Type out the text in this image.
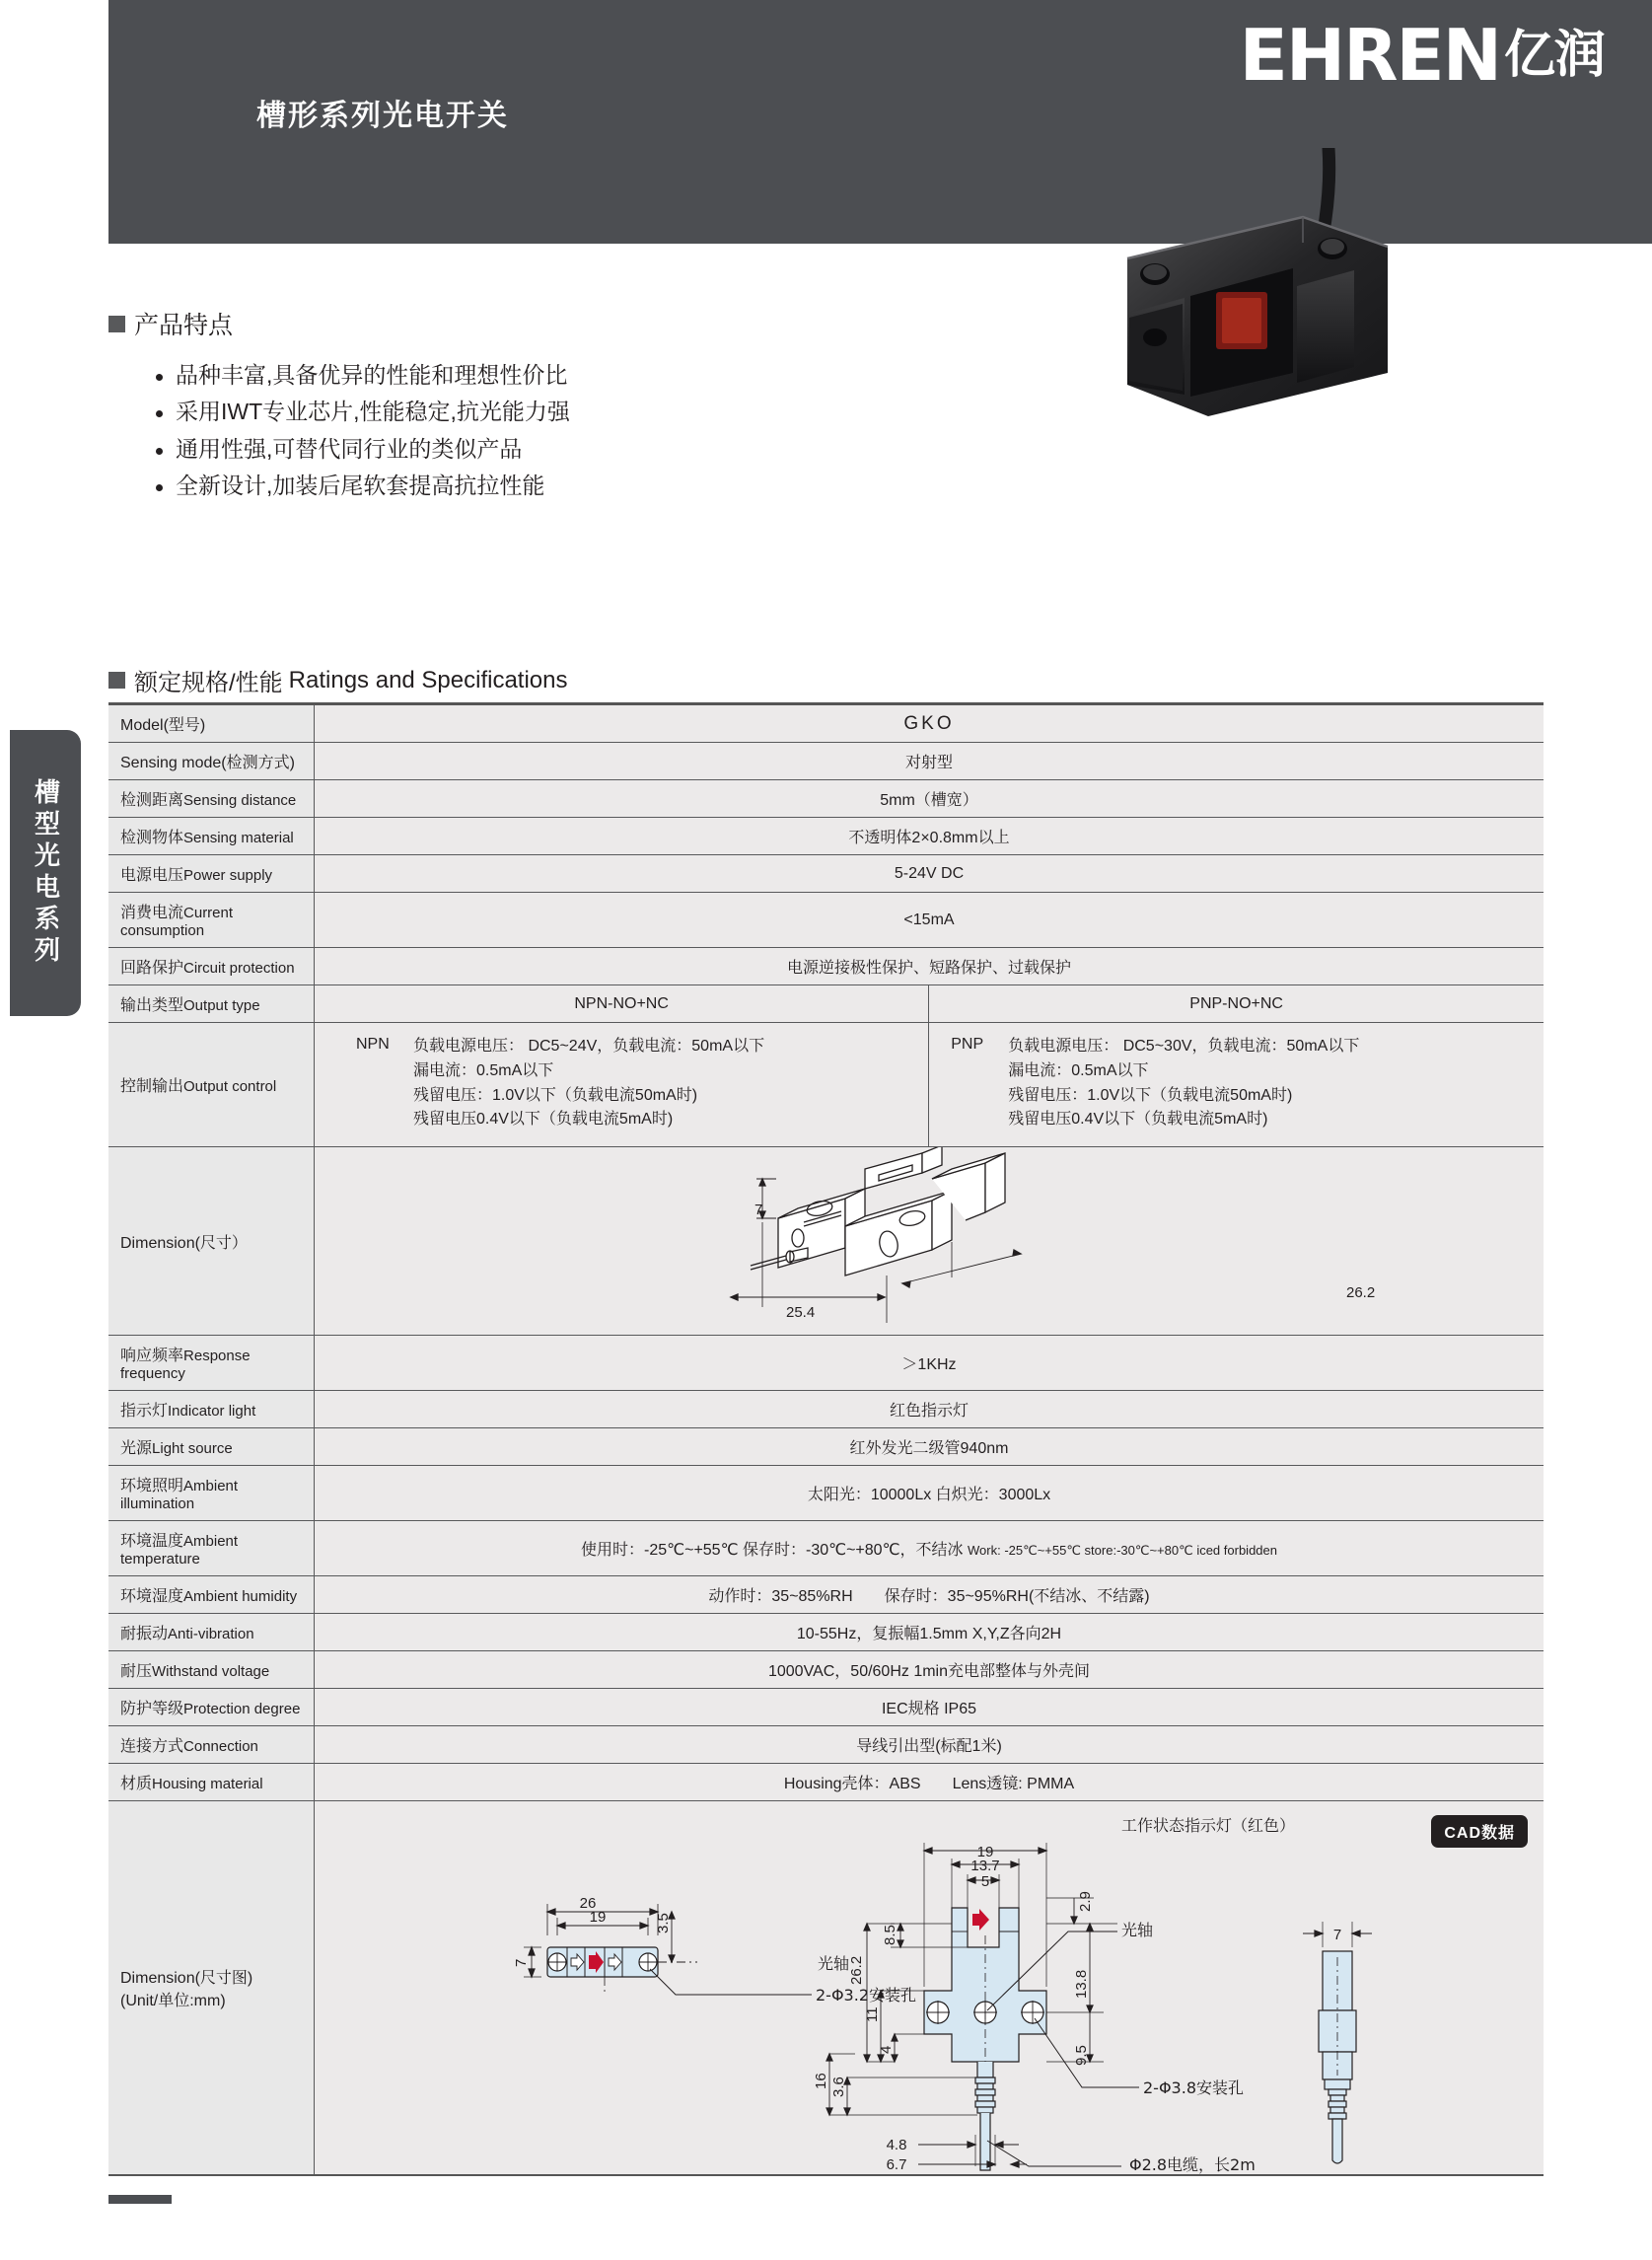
槽形系列光电开关
EHREN 亿润
产品特点
品种丰富,具备优异的性能和理想性价比
采用IWT专业芯片,性能稳定,抗光能力强
通用性强,可替代同行业的类似产品
全新设计,加装后尾软套提高抗拉性能
额定规格/性能 Ratings and Specifications
槽型光电系列
Model(型号)	GKO	
Sensing mode(检测方式)	对射型	
检测距离Sensing distance	5mm（槽宽）	
检测物体Sensing material	不透明体2×0.8mm以上	
电源电压Power supply	5-24V DC	
消费电流Current consumption	<15mA	
回路保护Circuit protection	电源逆接极性保护、短路保护、过载保护	
输出类型Output type	NPN-NO+NC	PNP-NO+NC
控制输出Output control	
NPN	负载电源电压： DC5~24V，负载电流：50mA以下
漏电流：0.5mA以下
残留电压：1.0V以下（负载电流50mA时)
残留电压0.4V以下（负载电流5mA时)

PNP	负载电源电压： DC5~30V，负载电流：50mA以下
漏电流：0.5mA以下
残留电压：1.0V以下（负载电流50mA时)
残留电压0.4V以下（负载电流5mA时)

Dimension(尺寸）	7
25.4
26.2	

响应频率Response frequency	＞1KHz	
指示灯Indicator light	红色指示灯	
光源Light source	红外发光二级管940nm	
环境照明Ambient illumination	太阳光：10000Lx 白炽光：3000Lx	
环境温度Ambient temperature	使用时：-25℃~+55℃ 保存时：-30℃~+80℃，不结冰 Work: -25℃~+55℃ store:-30℃~+80℃ iced forbidden	
环境湿度Ambient humidity	动作时：35~85%RH　　保存时：35~95%RH(不结冰、不结露)	
耐振动Anti-vibration	10-55Hz，复振幅1.5mm X,Y,Z各向2H	
耐压Withstand voltage	1000VAC，50/60Hz 1min充电部整体与外壳间	
防护等级Protection degree	IEC规格 IP65	
连接方式Connection	导线引出型(标配1米)	
材质Housing material	Housing壳体：ABS　　Lens透镜: PMMA	

Dimension(尺寸图)
(Unit/单位:mm)

CAD数据
26
19
7
3.5
光轴
2-Φ3.2安装孔
19
13.7
5
2.9
13.8
9.5
8.5
26.2
11
4
16 3.6
4.8
6.7
工作状态指示灯（红色）
光轴
2-Φ3.8安装孔
Φ2.8电缆，长2m
7
